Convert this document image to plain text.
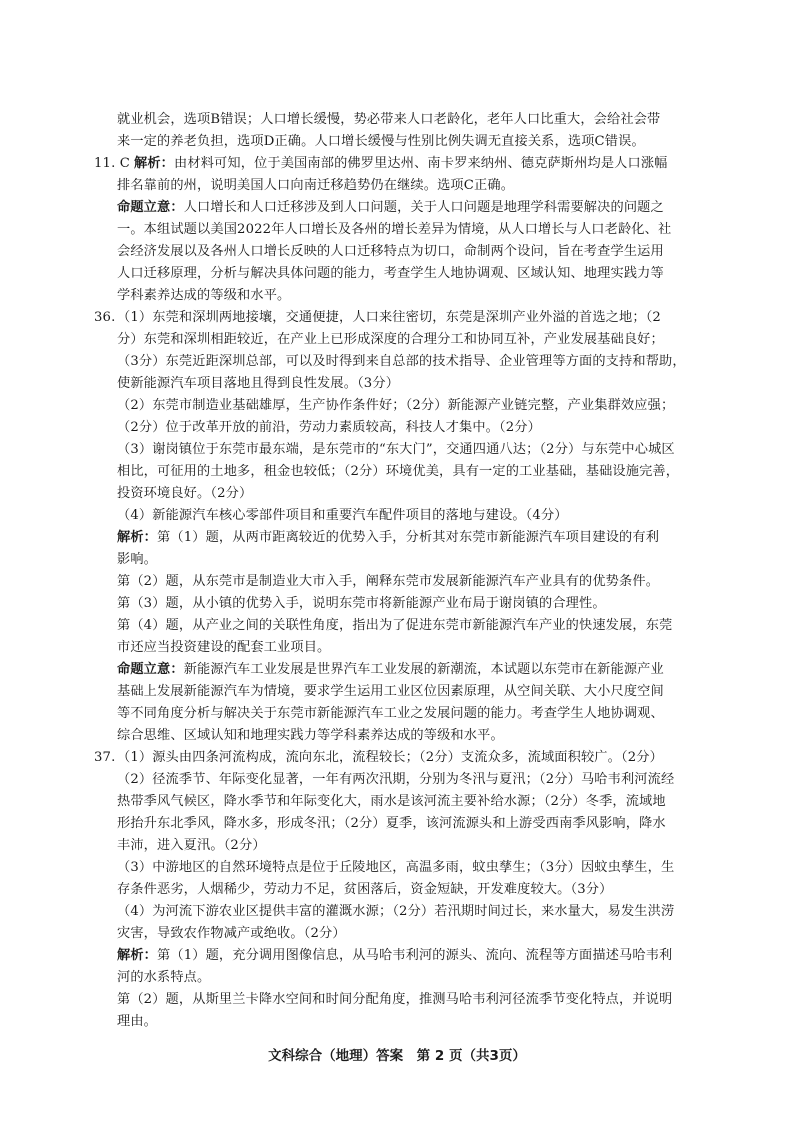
就业机会，选项B错误；人口增长缓慢，势必带来人口老龄化，老年人口比重大，会给社会带
来一定的养老负担，选项D正确。人口增长缓慢与性别比例失调无直接关系，选项C错误。
11. C 解析：由材料可知，位于美国南部的佛罗里达州、南卡罗来纳州、德克萨斯州均是人口涨幅
排名靠前的州，说明美国人口向南迁移趋势仍在继续。选项C正确。
命题立意：人口增长和人口迁移涉及到人口问题，关于人口问题是地理学科需要解决的问题之
一。本组试题以美国2022年人口增长及各州的增长差异为情境，从人口增长与人口老龄化、社
会经济发展以及各州人口增长反映的人口迁移特点为切口，命制两个设问，旨在考查学生运用
人口迁移原理，分析与解决具体问题的能力，考查学生人地协调观、区域认知、地理实践力等
学科素养达成的等级和水平。
36. （1）东莞和深圳两地接壤，交通便捷，人口来往密切，东莞是深圳产业外溢的首选之地；（2
分）东莞和深圳相距较近，在产业上已形成深度的合理分工和协同互补，产业发展基础良好；
（3分）东莞近距深圳总部，可以及时得到来自总部的技术指导、企业管理等方面的支持和帮助，
使新能源汽车项目落地且得到良性发展。（3分）
（2）东莞市制造业基础雄厚，生产协作条件好；（2分）新能源产业链完整，产业集群效应强；
（2分）位于改革开放的前沿，劳动力素质较高，科技人才集中。（2分）
（3）谢岗镇位于东莞市最东端，是东莞市的“东大门”，交通四通八达；（2分）与东莞中心城区
相比，可征用的土地多，租金也较低；（2分）环境优美，具有一定的工业基础，基础设施完善，
投资环境良好。（2分）
（4）新能源汽车核心零部件项目和重要汽车配件项目的落地与建设。（4分）
解析：第（1）题，从两市距离较近的优势入手，分析其对东莞市新能源汽车项目建设的有利
影响。
第（2）题，从东莞市是制造业大市入手，阐释东莞市发展新能源汽车产业具有的优势条件。
第（3）题，从小镇的优势入手，说明东莞市将新能源产业布局于谢岗镇的合理性。
第（4）题，从产业之间的关联性角度，指出为了促进东莞市新能源汽车产业的快速发展，东莞
市还应当投资建设的配套工业项目。
命题立意：新能源汽车工业发展是世界汽车工业发展的新潮流，本试题以东莞市在新能源产业
基础上发展新能源汽车为情境，要求学生运用工业区位因素原理，从空间关联、大小尺度空间
等不同角度分析与解决关于东莞市新能源汽车工业之发展问题的能力。考查学生人地协调观、
综合思维、区域认知和地理实践力等学科素养达成的等级和水平。
37. （1）源头由四条河流构成，流向东北，流程较长；（2分）支流众多，流域面积较广。（2分）
（2）径流季节、年际变化显著，一年有两次汛期，分别为冬汛与夏汛；（2分）马哈韦利河流经
热带季风气候区，降水季节和年际变化大，雨水是该河流主要补给水源；（2分）冬季，流域地
形抬升东北季风，降水多，形成冬汛；（2分）夏季，该河流源头和上游受西南季风影响，降水
丰沛，进入夏汛。（2分）
（3）中游地区的自然环境特点是位于丘陵地区，高温多雨，蚊虫孳生；（3分）因蚊虫孳生，生
存条件恶劣，人烟稀少，劳动力不足，贫困落后，资金短缺，开发难度较大。（3分）
（4）为河流下游农业区提供丰富的灌溉水源；（2分）若汛期时间过长，来水量大，易发生洪涝
灾害，导致农作物减产或绝收。（2分）
解析：第（1）题，充分调用图像信息，从马哈韦利河的源头、流向、流程等方面描述马哈韦利
河的水系特点。
第（2）题，从斯里兰卡降水空间和时间分配角度，推测马哈韦利河径流季节变化特点，并说明
理由。
文科综合（地理）答案　第 2 页（共3页）
